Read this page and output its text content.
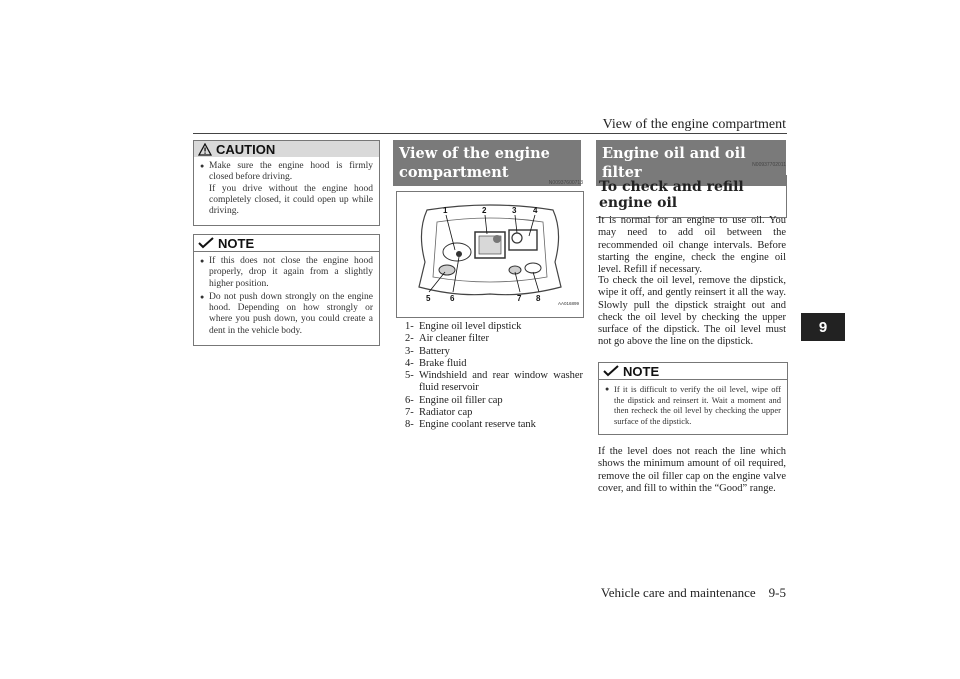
View of the engine compartment
9
CAUTION
● Make sure the engine hood is firmly closed before driving.
If you drive without the engine hood completely closed, it could open up while driving.
NOTE
● If this does not close the engine hood properly, drop it again from a slightly higher position.
● Do not push down strongly on the engine hood. Depending on how strongly or where you push down, you could create a dent in the vehicle body.
View of the engine compartment
N00937600713
1	2	3 4
5 6	7 8
AA016899
1- Engine oil level dipstick
2- Air cleaner filter
3- Battery
4- Brake fluid
5- Windshield and rear window washer fluid reservoir
6- Engine oil filler cap
7- Radiator cap
8- Engine coolant reserve tank
Engine oil and oil filter	N00937702011
To check and refill engine oil
It is normal for an engine to use oil. You may need to add oil between the recommended oil change intervals. Before starting the engine, check the engine oil level. Refill if necessary.
To check the oil level, remove the dipstick, wipe it off, and gently reinsert it all the way. Slowly pull the dipstick straight out and check the oil level by checking the upper surface of the dipstick. The oil level must not go above the line on the dipstick.
NOTE
● If it is difficult to verify the oil level, wipe off the dipstick and reinsert it. Wait a moment and then recheck the oil level by checking the upper surface of the dipstick.
If the level does not reach the line which shows the minimum amount of oil required, remove the oil filler cap on the engine valve cover, and fill to within the “Good” range.
Vehicle care and maintenance 9-5
